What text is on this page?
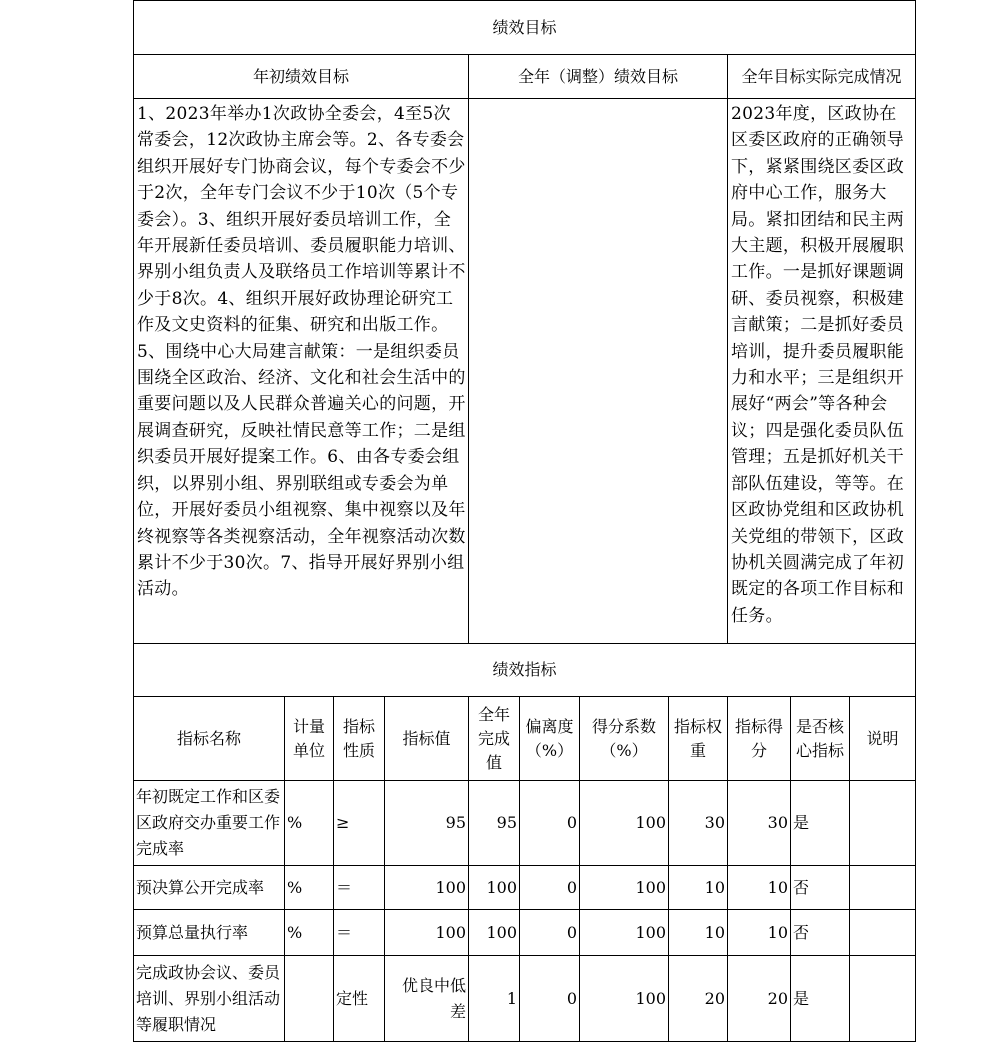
绩效目标										
年初绩效目标				全年（调整）绩效目标				全年目标实际完成情况		
1、2023年举办1次政协全委会，4至5次常委会，12次政协主席会等。2、各专委会组织开展好专门协商会议，每个专委会不少于2次，全年专门会议不少于10次（5个专委会）。3、组织开展好委员培训工作，全年开展新任委员培训、委员履职能力培训、界别小组负责人及联络员工作培训等累计不少于8次。4、组织开展好政协理论研究工作及文史资料的征集、研究和出版工作。5、围绕中心大局建言献策：一是组织委员围绕全区政治、经济、文化和社会生活中的重要问题以及人民群众普遍关心的问题，开展调查研究，反映社情民意等工作；二是组织委员开展好提案工作。6、由各专委会组织，以界别小组、界别联组或专委会为单位，开展好委员小组视察、集中视察以及年终视察等各类视察活动，全年视察活动次数累计不少于30次。7、指导开展好界别小组活动。								2023年度，区政协在区委区政府的正确领导下，紧紧围绕区委区政府中心工作，服务大局。紧扣团结和民主两大主题，积极开展履职工作。一是抓好课题调研、委员视察，积极建言献策；二是抓好委员培训，提升委员履职能力和水平；三是组织开展好“两会”等各种会议；四是强化委员队伍管理；五是抓好机关干部队伍建设，等等。在区政协党组和区政协机关党组的带领下，区政协机关圆满完成了年初既定的各项工作目标和任务。		
绩效指标										
指标名称	计量单位	指标性质	指标值	全年完成值	偏离度（%）	得分系数（%）	指标权重	指标得分	是否核心指标	说明
年初既定工作和区委区政府交办重要工作完成率	%	≥	95	95	0	100	30	30	是	
预决算公开完成率	%	＝	100	100	0	100	10	10	否	
预算总量执行率	%	＝	100	100	0	100	10	10	否	
完成政协会议、委员培训、界别小组活动等履职情况		定性	优良中低差	1	0	100	20	20	是	
